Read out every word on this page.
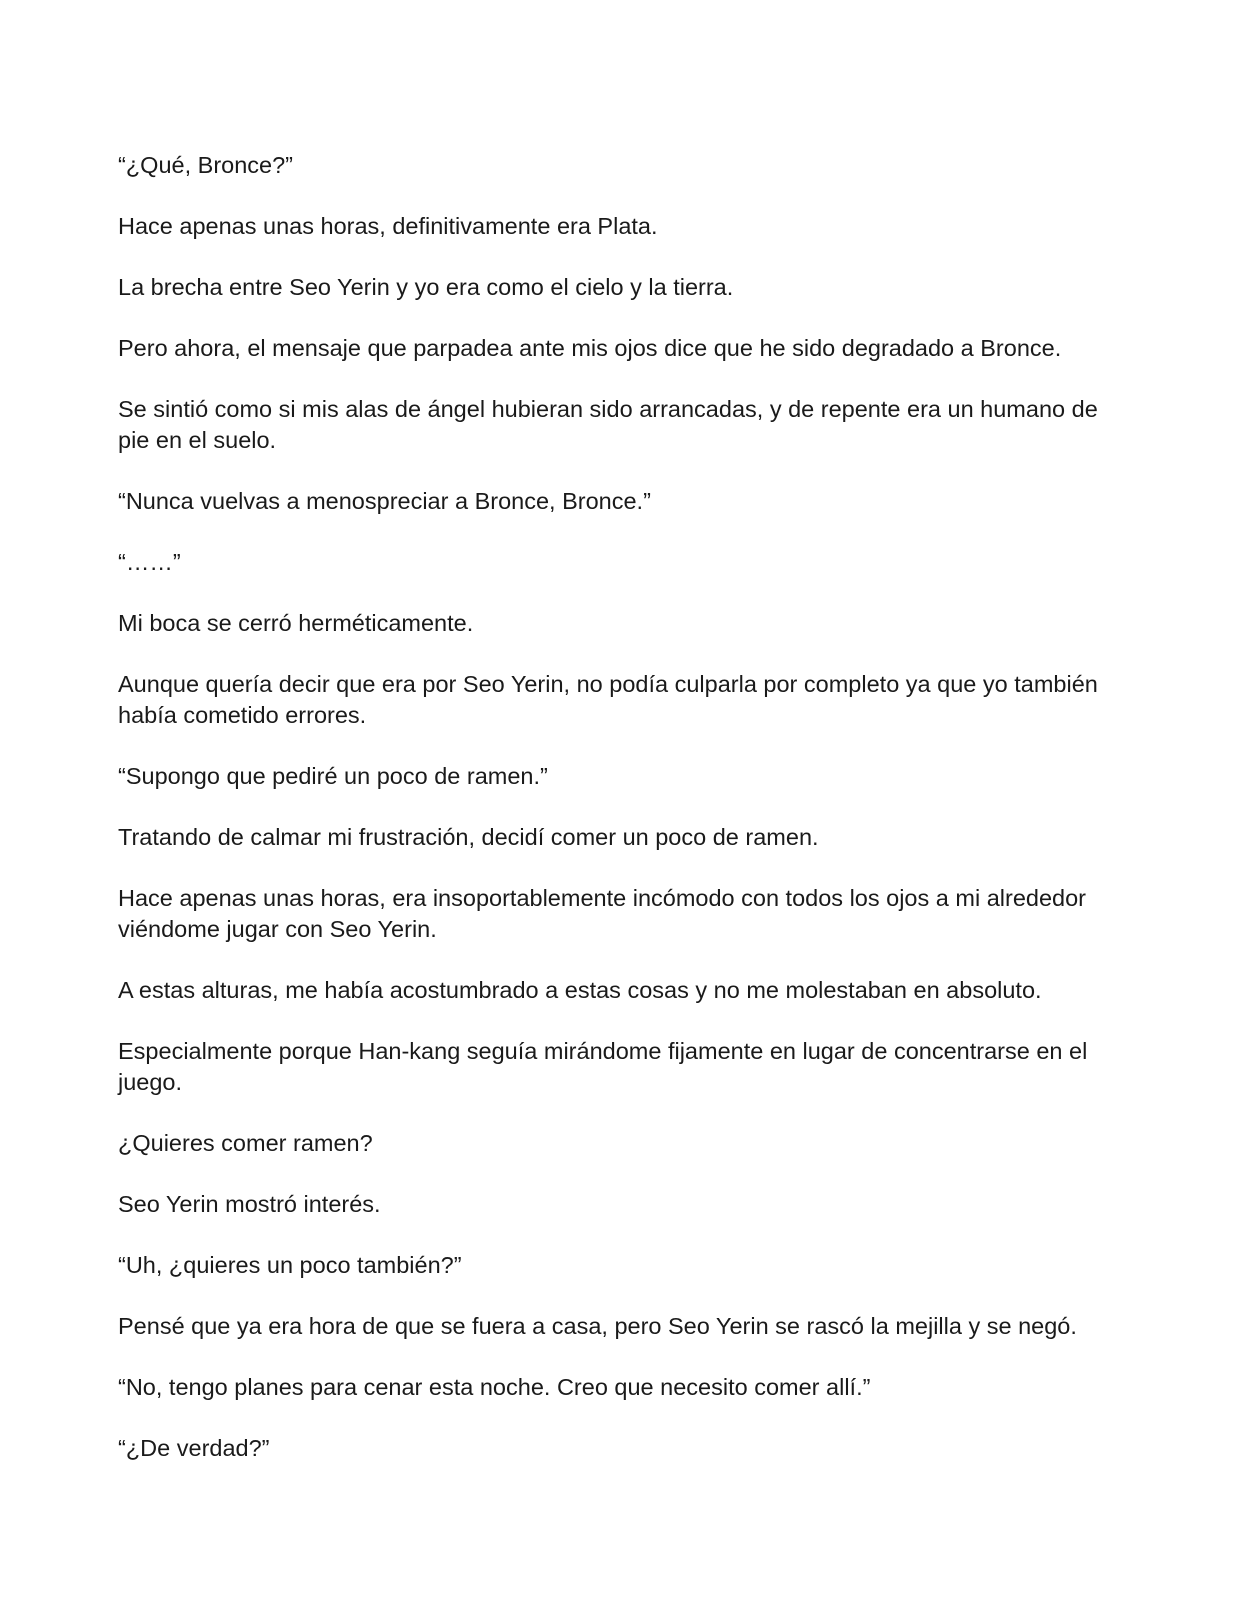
“¿Qué, Bronce?”

Hace apenas unas horas, definitivamente era Plata.

La brecha entre Seo Yerin y yo era como el cielo y la tierra.

Pero ahora, el mensaje que parpadea ante mis ojos dice que he sido degradado a Bronce.

Se sintió como si mis alas de ángel hubieran sido arrancadas, y de repente era un humano de pie en el suelo.

“Nunca vuelvas a menospreciar a Bronce, Bronce.”

“……”

Mi boca se cerró herméticamente.

Aunque quería decir que era por Seo Yerin, no podía culparla por completo ya que yo también había cometido errores.

“Supongo que pediré un poco de ramen.”

Tratando de calmar mi frustración, decidí comer un poco de ramen.

Hace apenas unas horas, era insoportablemente incómodo con todos los ojos a mi alrededor viéndome jugar con Seo Yerin.

A estas alturas, me había acostumbrado a estas cosas y no me molestaban en absoluto.

Especialmente porque Han-kang seguía mirándome fijamente en lugar de concentrarse en el juego.

¿Quieres comer ramen?

Seo Yerin mostró interés.

“Uh, ¿quieres un poco también?”

Pensé que ya era hora de que se fuera a casa, pero Seo Yerin se rascó la mejilla y se negó.

“No, tengo planes para cenar esta noche. Creo que necesito comer allí.”

“¿De verdad?”
